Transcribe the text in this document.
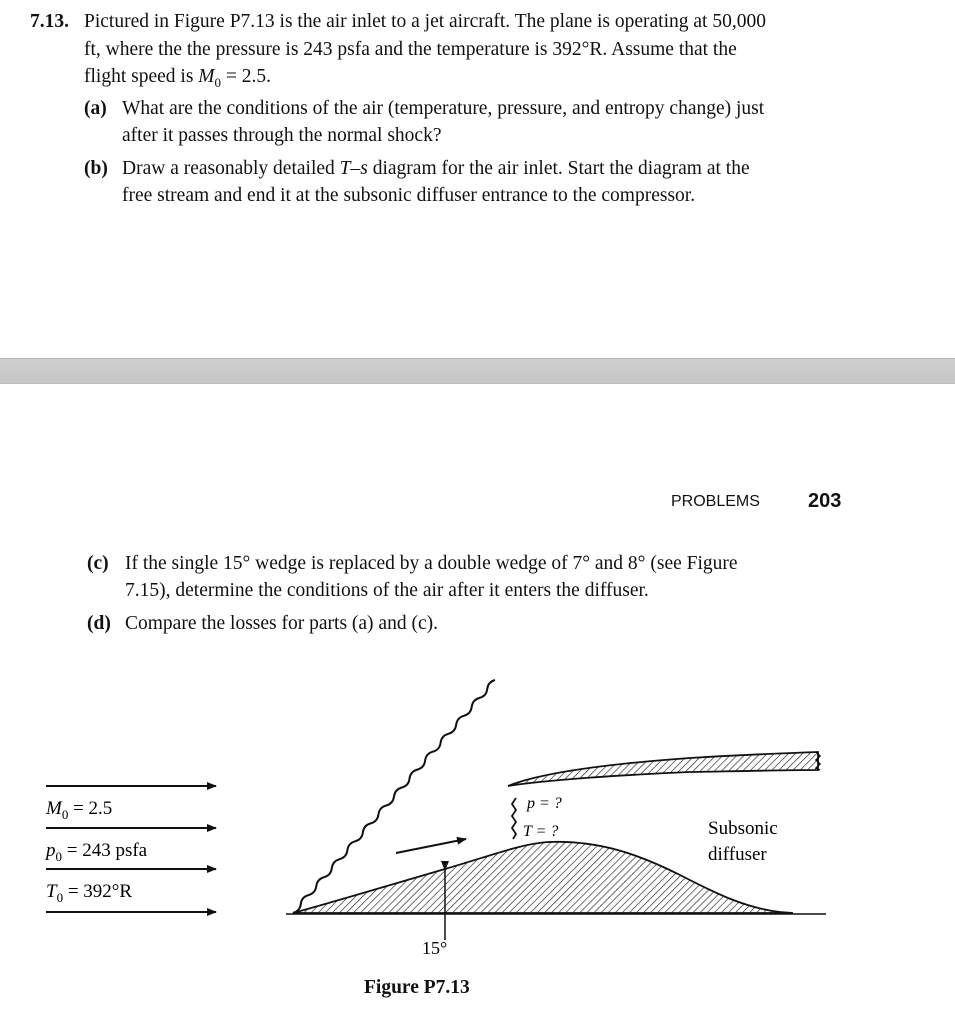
7.13. Pictured in Figure P7.13 is the air inlet to a jet aircraft. The plane is operating at 50,000
ft, where the the pressure is 243 psfa and the temperature is 392°R. Assume that the
flight speed is $M_0 = 2.5$.
(a) What are the conditions of the air (temperature, pressure, and entropy change) just
after it passes through the normal shock?
(b) Draw a reasonably detailed T–s diagram for the air inlet. Start the diagram at the
free stream and end it at the subsonic diffuser entrance to the compressor.
PROBLEMS 203
(c) If the single 15° wedge is replaced by a double wedge of 7° and 8° (see Figure
7.15), determine the conditions of the air after it enters the diffuser.
(d) Compare the losses for parts (a) and (c).
$M_0 = 2.5$
$p_0 = 243$ psfa
$T_0 = 392^\circ R$
15°
p = ?
T = ?	Subsonic
diffuser
Figure P7.13
